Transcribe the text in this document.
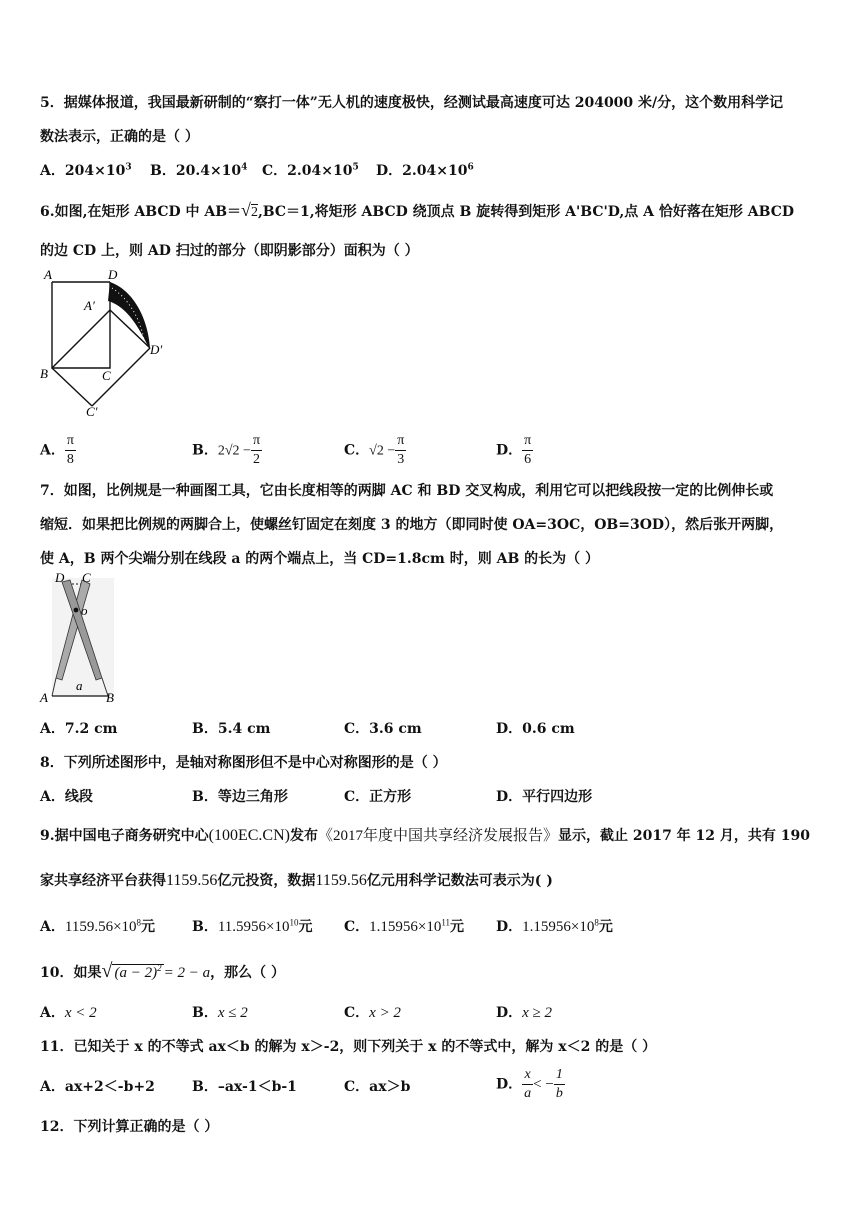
5．据媒体报道，我国最新研制的“察打一体”无人机的速度极快，经测试最高速度可达 204000 米/分，这个数用科学记
数法表示，正确的是（ ）
A．$204\times 10^3$ B．$20.4\times 10^4$ C．$2.04\times 10^5$ D．$2.04\times 10^6$
6.如图,在矩形 ABCD 中 AB＝√2,BC＝1,将矩形 ABCD 绕顶点 B 旋转得到矩形 A'BC'D,点 A 恰好落在矩形 ABCD
的边 CD 上，则 AD 扫过的部分（即阴影部分）面积为（ ）
A	D
A′
D′
B	C
C′
A． $\frac{\pi}{8}$	B．$2√2 - \frac{\pi}{2}$	C．$√2 - \frac{\pi}{3}$	D． $\frac{\pi}{6}$
7．如图，比例规是一种画图工具，它由长度相等的两脚 AC 和 BD 交叉构成，利用它可以把线段按一定的比例伸长或
缩短．如果把比例规的两脚合上，使螺丝钉固定在刻度 3 的地方（即同时使 OA=3OC，OB=3OD），然后张开两脚，
使 A，B 两个尖端分别在线段 a 的两个端点上，当 CD=1.8cm 时，则 AB 的长为（ ）
D C
o
A
a
B
A．7.2 cm	B．5.4 cm	C．3.6 cm	D．0.6 cm
8．下列所述图形中，是轴对称图形但不是中心对称图形的是（ ）
A．线段	B．等边三角形	C．正方形	D．平行四边形
9.据中国电子商务研究中心(100EC.CN)发布《2017年度中国共享经济发展报告》显示，截止 2017 年 12 月，共有 190
家共享经济平台获得1159.56亿元投资，数据1159.56亿元用科学记数法可表示为( )
A．$1159.56\times 10^8$元	B．$11.5956\times 10^{10}$元 C．$1.15956\times 10^{11}$元 D．$1.15956\times 10^8$元
10．如果√ $(a - 2)^2 = 2 - a$，那么（ ）
A．x < 2	B．x ≤ 2	C．x > 2	D．x ≥ 2
11．已知关于 x 的不等式 ax＜b 的解为 x＞-2，则下列关于 x 的不等式中，解为 x＜2 的是（ ）
A．ax+2＜-b+2	B．–ax-1＜b-1	C．ax＞b	D． $\frac{x}{a}$ < − $\frac{1}{b}$
12．下列计算正确的是（ ）
